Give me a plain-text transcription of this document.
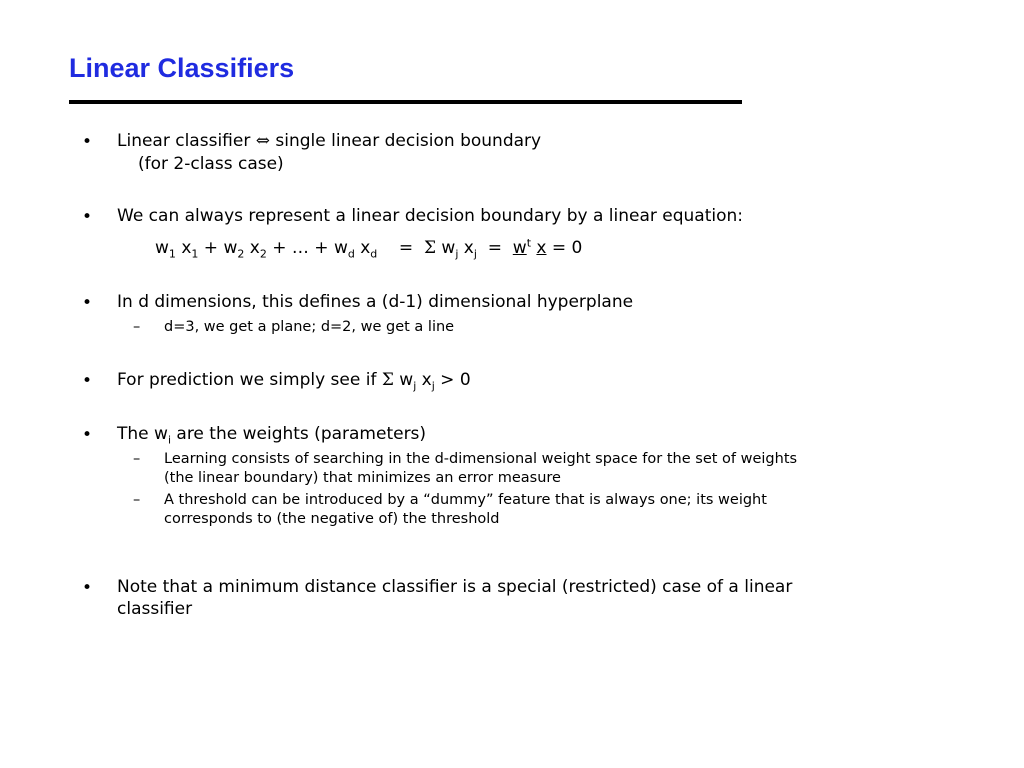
Linear Classifiers
• Linear classifier ⇔ single linear decision boundary
(for 2-class case)
• We can always represent a linear decision boundary by a linear equation:
$w_1$ $x_1 + w_2$ $x_2$ + … + $w_d$ $x_d = \Sigma$ $w_j$ $x_j = w^t$ x = 0
• In d dimensions, this defines a (d-1) dimensional hyperplane
– d=3, we get a plane; d=2, we get a line
• For prediction we simply see if Σ $w_j$ $x_j > 0$
• The $w_i$ are the weights (parameters)
– Learning consists of searching in the d-dimensional weight space for the set of weights
(the linear boundary) that minimizes an error measure
– A threshold can be introduced by a “dummy” feature that is always one; its weight
corresponds to (the negative of) the threshold
• Note that a minimum distance classifier is a special (restricted) case of a linear
classifier
